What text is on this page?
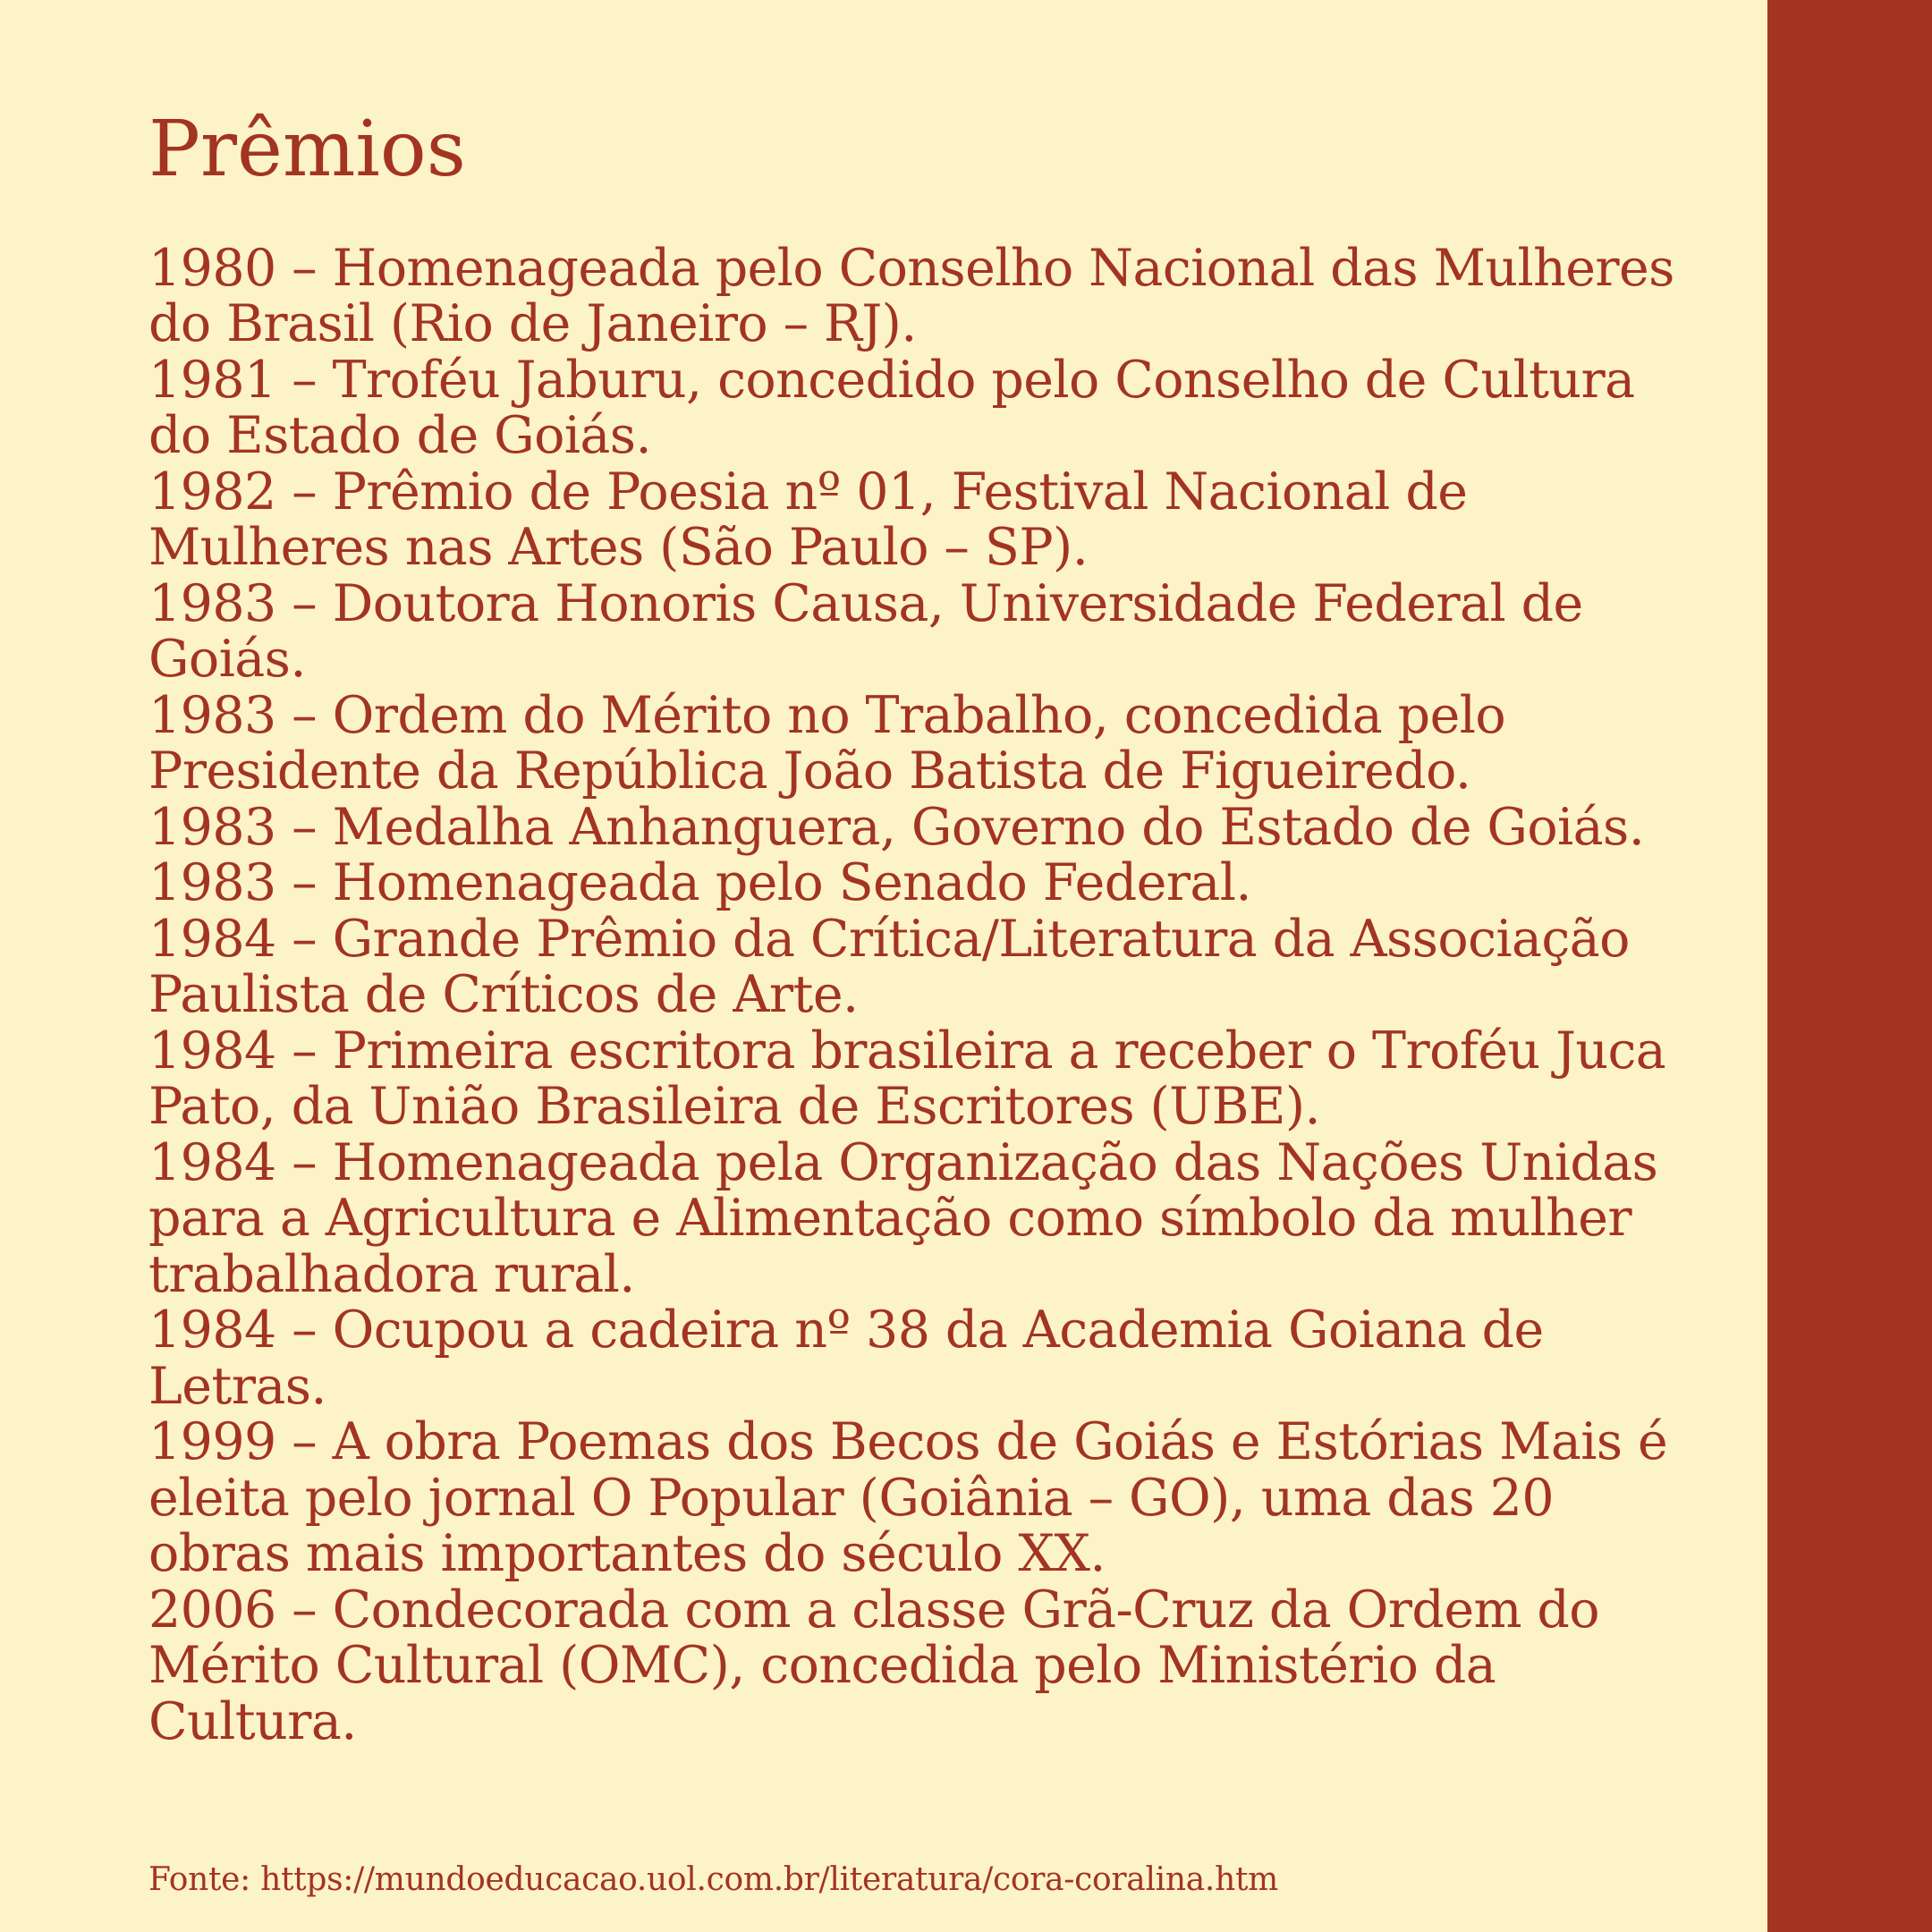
Prêmios
1980 – Homenageada pelo Conselho Nacional das Mulheres do Brasil (Rio de Janeiro – RJ).
1981 – Troféu Jaburu, concedido pelo Conselho de Cultura do Estado de Goiás.
1982 – Prêmio de Poesia nº 01, Festival Nacional de Mulheres nas Artes (São Paulo – SP).
1983 – Doutora Honoris Causa, Universidade Federal de Goiás.
1983 – Ordem do Mérito no Trabalho, concedida pelo Presidente da República João Batista de Figueiredo.
1983 – Medalha Anhanguera, Governo do Estado de Goiás.
1983 – Homenageada pelo Senado Federal.
1984 – Grande Prêmio da Crítica/Literatura da Associação Paulista de Críticos de Arte.
1984 – Primeira escritora brasileira a receber o Troféu Juca Pato, da União Brasileira de Escritores (UBE).
1984 – Homenageada pela Organização das Nações Unidas para a Agricultura e Alimentação como símbolo da mulher trabalhadora rural.
1984 – Ocupou a cadeira nº 38 da Academia Goiana de Letras.
1999 – A obra Poemas dos Becos de Goiás e Estórias Mais é eleita pelo jornal O Popular (Goiânia – GO), uma das 20 obras mais importantes do século XX.
2006 – Condecorada com a classe Grã-Cruz da Ordem do Mérito Cultural (OMC), concedida pelo Ministério da Cultura.
Fonte: https://mundoeducacao.uol.com.br/literatura/cora-coralina.htm
